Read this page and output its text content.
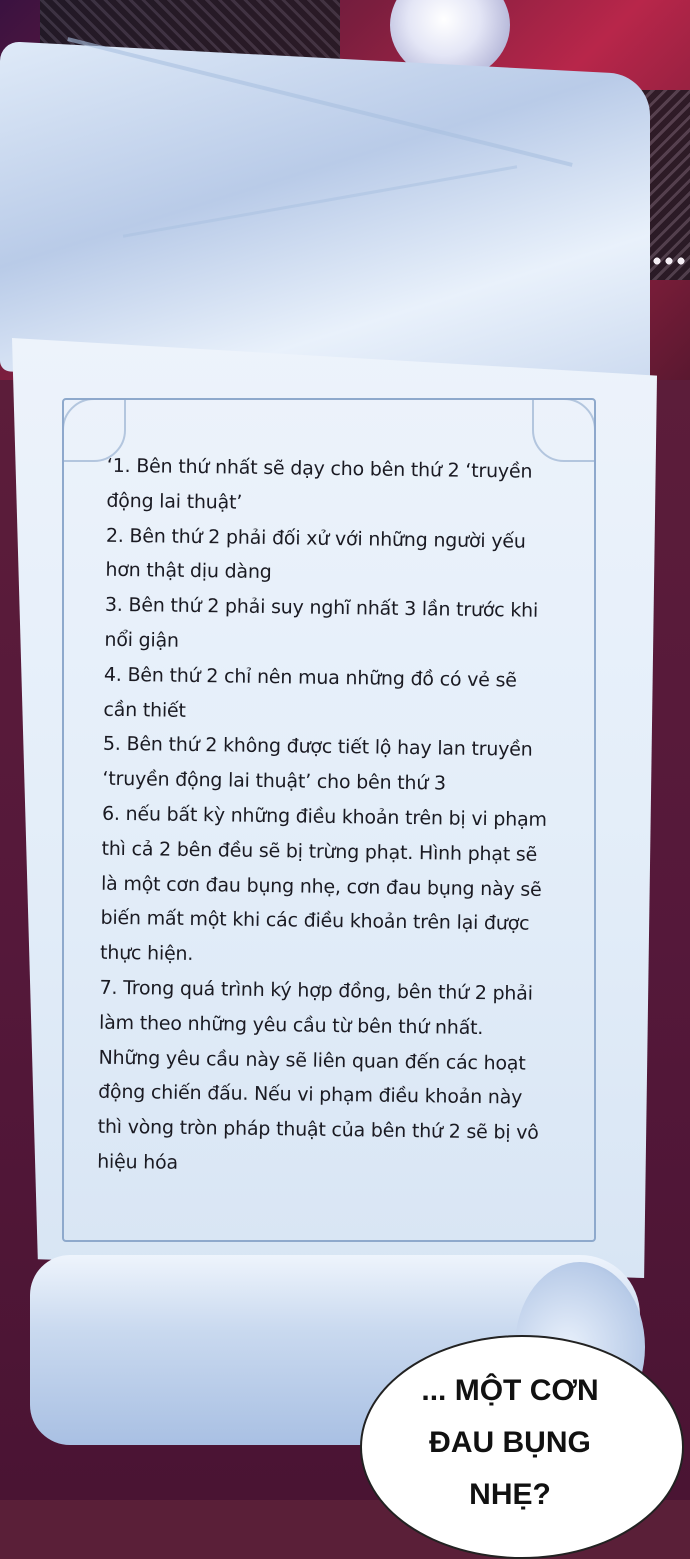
‘1. Bên thứ nhất sẽ dạy cho bên thứ 2 ‘truyền
động lai thuật’
2. Bên thứ 2 phải đối xử với những người yếu
hơn thật dịu dàng
3. Bên thứ 2 phải suy nghĩ nhất 3 lần trước khi
nổi giận
4. Bên thứ 2 chỉ nên mua những đồ có vẻ sẽ
cần thiết
5. Bên thứ 2 không được tiết lộ hay lan truyền
‘truyền động lai thuật’ cho bên thứ 3
6. nếu bất kỳ những điều khoản trên bị vi phạm
thì cả 2 bên đều sẽ bị trừng phạt. Hình phạt sẽ
là một cơn đau bụng nhẹ, cơn đau bụng này sẽ
biến mất một khi các điều khoản trên lại được
thực hiện.
7. Trong quá trình ký hợp đồng, bên thứ 2 phải
làm theo những yêu cầu từ bên thứ nhất.
Những yêu cầu này sẽ liên quan đến các hoạt
động chiến đấu. Nếu vi phạm điều khoản này
thì vòng tròn pháp thuật của bên thứ 2 sẽ bị vô
hiệu hóa
... MỘT CƠN
ĐAU BỤNG
NHẸ?
